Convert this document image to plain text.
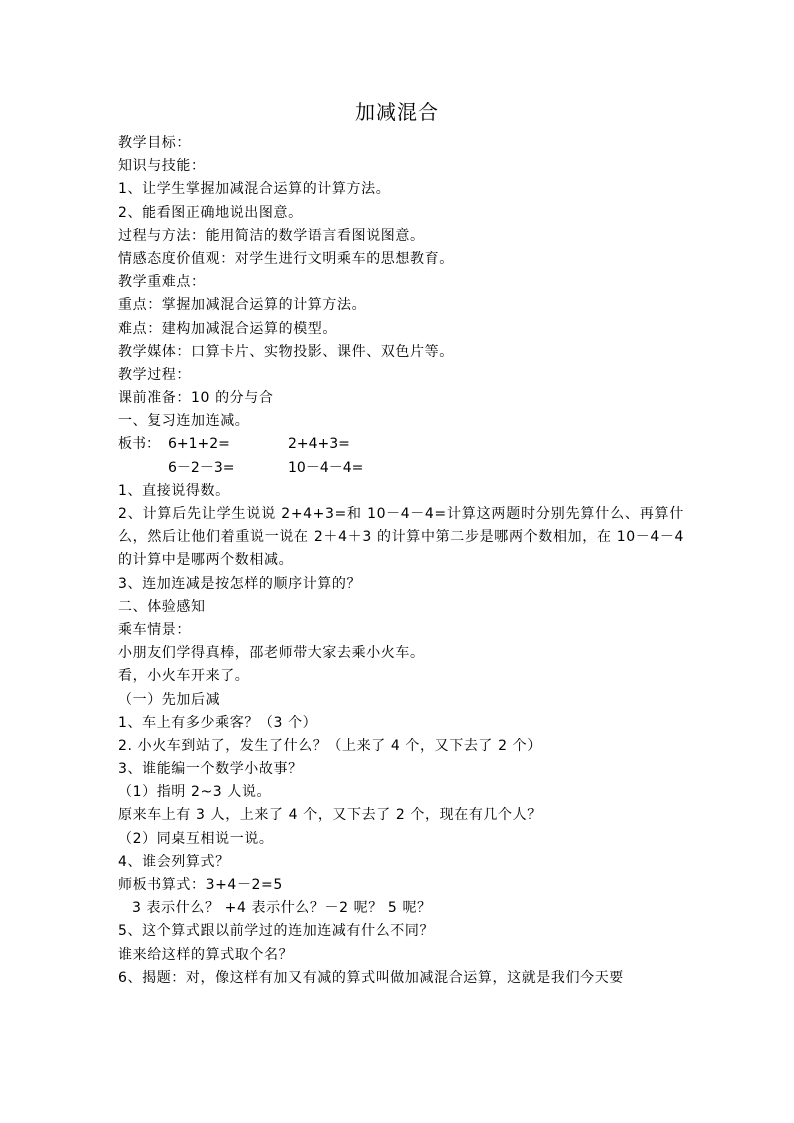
加减混合
教学目标：
知识与技能：
1、让学生掌握加减混合运算的计算方法。
2、能看图正确地说出图意。
过程与方法：能用简洁的数学语言看图说图意。
情感态度价值观：对学生进行文明乘车的思想教育。
教学重难点：
重点：掌握加减混合运算的计算方法。
难点：建构加减混合运算的模型。
教学媒体：口算卡片、实物投影、课件、双色片等。
教学过程：
课前准备：10 的分与合
一、复习连加连减。
板书： 6+1+2=	2+4+3=
6－2－3=	10－4－4=
1、直接说得数。
2、计算后先让学生说说 2+4+3=和 10－4－4=计算这两题时分别先算什么、再算什么，然后让他们着重说一说在 2＋4＋3 的计算中第二步是哪两个数相加，在 10－4－4 的计算中是哪两个数相减。
3、连加连减是按怎样的顺序计算的？
二、体验感知
乘车情景：
小朋友们学得真棒，邵老师带大家去乘小火车。
看，小火车开来了。
（一）先加后减
1、车上有多少乘客？（3 个）
2. 小火车到站了，发生了什么？（上来了 4 个，又下去了 2 个）
3、谁能编一个数学小故事？
（1）指明 2~3 人说。
原来车上有 3 人，上来了 4 个，又下去了 2 个，现在有几个人？
（2）同桌互相说一说。
4、谁会列算式？
师板书算式：3+4－2=5
3 表示什么？ +4 表示什么？－2 呢？ 5 呢？
5、这个算式跟以前学过的连加连减有什么不同？
谁来给这样的算式取个名？
6、揭题：对，像这样有加又有减的算式叫做加减混合运算，这就是我们今天要
